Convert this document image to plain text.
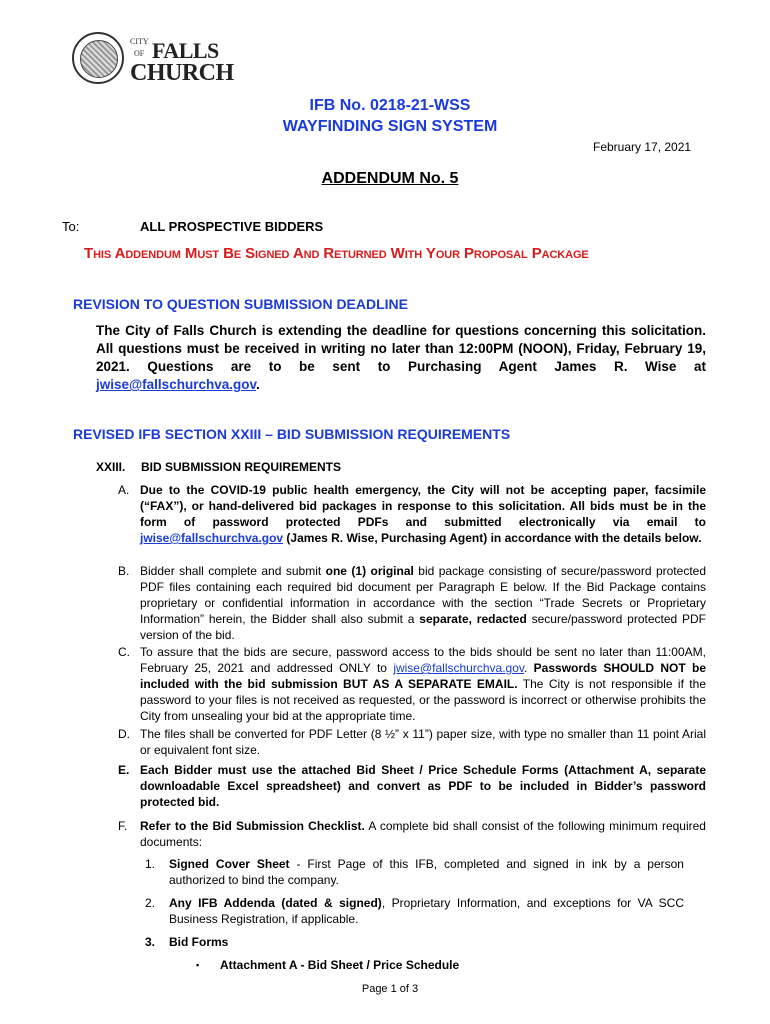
CITY
OF FALLS
CHURCH
IFB No. 0218-21-WSS
WAYFINDING SIGN SYSTEM
February 17, 2021
ADDENDUM No. 5
To:	ALL PROSPECTIVE BIDDERS
This Addendum Must Be Signed And Returned With Your Proposal Package
REVISION TO QUESTION SUBMISSION DEADLINE
The City of Falls Church is extending the deadline for questions concerning this solicitation. All questions must be received in writing no later than 12:00PM (NOON), Friday, February 19, 2021. Questions are to be sent to Purchasing Agent James R. Wise at jwise@fallschurchva.gov.
REVISED IFB SECTION XXIII – BID SUBMISSION REQUIREMENTS
XXIII. BID SUBMISSION REQUIREMENTS
A. Due to the COVID-19 public health emergency, the City will not be accepting paper, facsimile (“FAX”), or hand-delivered bid packages in response to this solicitation. All bids must be in the form of password protected PDFs and submitted electronically via email to jwise@fallschurchva.gov (James R. Wise, Purchasing Agent) in accordance with the details below.
B. Bidder shall complete and submit one (1) original bid package consisting of secure/password protected PDF files containing each required bid document per Paragraph E below. If the Bid Package contains proprietary or confidential information in accordance with the section “Trade Secrets or Proprietary Information” herein, the Bidder shall also submit a separate, redacted secure/password protected PDF version of the bid.
C. To assure that the bids are secure, password access to the bids should be sent no later than 11:00AM, February 25, 2021 and addressed ONLY to jwise@fallschurchva.gov. Passwords SHOULD NOT be included with the bid submission BUT AS A SEPARATE EMAIL. The City is not responsible if the password to your files is not received as requested, or the password is incorrect or otherwise prohibits the City from unsealing your bid at the appropriate time.
D. The files shall be converted for PDF Letter (8 ½” x 11”) paper size, with type no smaller than 11 point Arial or equivalent font size.
E. Each Bidder must use the attached Bid Sheet / Price Schedule Forms (Attachment A, separate downloadable Excel spreadsheet) and convert as PDF to be included in Bidder’s password protected bid.
F. Refer to the Bid Submission Checklist. A complete bid shall consist of the following minimum required documents:
1. Signed Cover Sheet - First Page of this IFB, completed and signed in ink by a person authorized to bind the company.
2. Any IFB Addenda (dated & signed), Proprietary Information, and exceptions for VA SCC Business Registration, if applicable.
3. Bid Forms
▪ Attachment A - Bid Sheet / Price Schedule
Page 1 of 3
